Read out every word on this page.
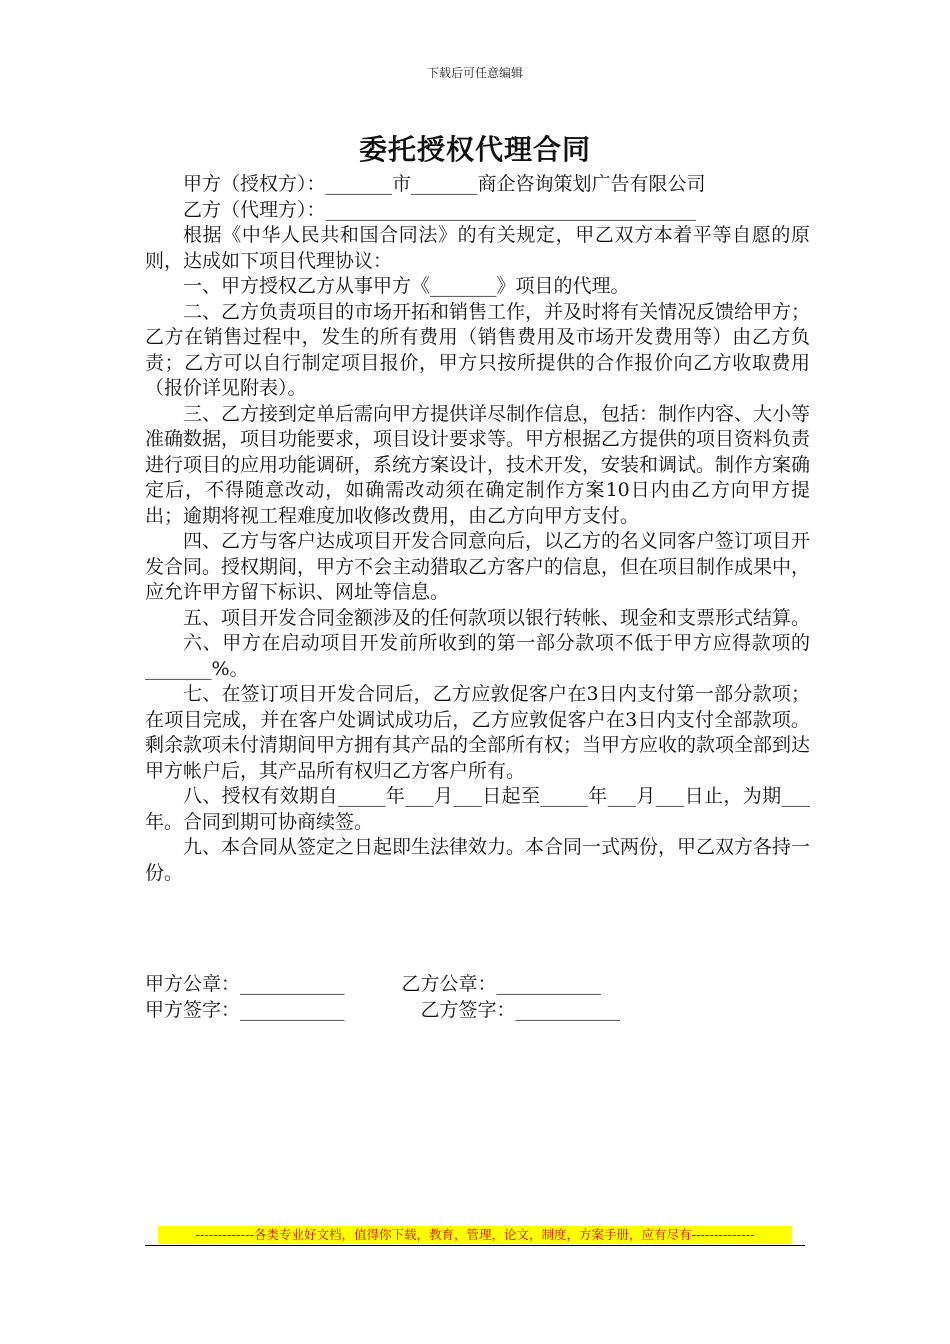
下载后可任意编辑
委托授权代理合同
　　甲方（授权方）：_______市_______商企咨询策划广告有限公司
　　乙方（代理方）：_______________________________________

根据《中华人民共和国合同法》的有关规定，甲乙双方本着平等自愿的原则，达成如下项目代理协议：

一、甲方授权乙方从事甲方《_______》项目的代理。

二、乙方负责项目的市场开拓和销售工作，并及时将有关情况反馈给甲方；乙方在销售过程中，发生的所有费用（销售费用及市场开发费用等）由乙方负责；乙方可以自行制定项目报价，甲方只按所提供的合作报价向乙方收取费用（报价详见附表）。

三、乙方接到定单后需向甲方提供详尽制作信息，包括：制作内容、大小等准确数据，项目功能要求，项目设计要求等。甲方根据乙方提供的项目资料负责进行项目的应用功能调研，系统方案设计，技术开发，安装和调试。制作方案确定后，不得随意改动，如确需改动须在确定制作方案10日内由乙方向甲方提出；逾期将视工程难度加收修改费用，由乙方向甲方支付。

四、乙方与客户达成项目开发合同意向后，以乙方的名义同客户签订项目开发合同。授权期间，甲方不会主动猎取乙方客户的信息，但在项目制作成果中，应允许甲方留下标识、网址等信息。

五、项目开发合同金额涉及的任何款项以银行转帐、现金和支票形式结算。

六、甲方在启动项目开发前所收到的第一部分款项不低于甲方应得款项的_______%。

七、在签订项目开发合同后，乙方应敦促客户在3日内支付第一部分款项；在项目完成，并在客户处调试成功后，乙方应敦促客户在3日内支付全部款项。剩余款项未付清期间甲方拥有其产品的全部所有权；当甲方应收的款项全部到达甲方帐户后，其产品所有权归乙方客户所有。

八、授权有效期自_____年___月___日起至_____年___月___日止，为期___年。合同到期可协商续签。

九、本合同从签定之日起即生法律效力。本合同一式两份，甲乙双方各持一份。

甲方公章：___________　　　乙方公章：___________
甲方签字：___________　　　　乙方签字：___________
-------------各类专业好文档，值得你下载，教育，管理，论文，制度，方案手册，应有尽有--------------
